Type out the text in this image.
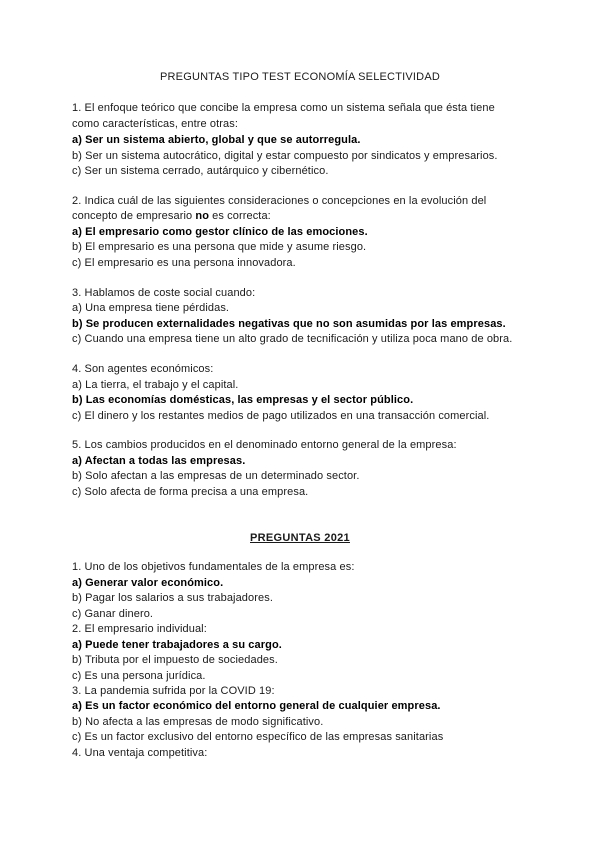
PREGUNTAS TIPO TEST ECONOMÍA SELECTIVIDAD
1. El enfoque teórico que concibe la empresa como un sistema señala que ésta tiene
como características, entre otras:
a) Ser un sistema abierto, global y que se autorregula.
b) Ser un sistema autocrático, digital y estar compuesto por sindicatos y empresarios.
c) Ser un sistema cerrado, autárquico y cibernético.
2. Indica cuál de las siguientes consideraciones o concepciones en la evolución del
concepto de empresario no es correcta:
a) El empresario como gestor clínico de las emociones.
b) El empresario es una persona que mide y asume riesgo.
c) El empresario es una persona innovadora.
3. Hablamos de coste social cuando:
a) Una empresa tiene pérdidas.
b) Se producen externalidades negativas que no son asumidas por las empresas.
c) Cuando una empresa tiene un alto grado de tecnificación y utiliza poca mano de obra.
4. Son agentes económicos:
a) La tierra, el trabajo y el capital.
b) Las economías domésticas, las empresas y el sector público.
c) El dinero y los restantes medios de pago utilizados en una transacción comercial.
5. Los cambios producidos en el denominado entorno general de la empresa:
a) Afectan a todas las empresas.
b) Solo afectan a las empresas de un determinado sector.
c) Solo afecta de forma precisa a una empresa.
PREGUNTAS 2021
1. Uno de los objetivos fundamentales de la empresa es:
a) Generar valor económico.
b) Pagar los salarios a sus trabajadores.
c) Ganar dinero.
2. El empresario individual:
a) Puede tener trabajadores a su cargo.
b) Tributa por el impuesto de sociedades.
c) Es una persona jurídica.
3. La pandemia sufrida por la COVID 19:
a) Es un factor económico del entorno general de cualquier empresa.
b) No afecta a las empresas de modo significativo.
c) Es un factor exclusivo del entorno específico de las empresas sanitarias
4. Una ventaja competitiva:
